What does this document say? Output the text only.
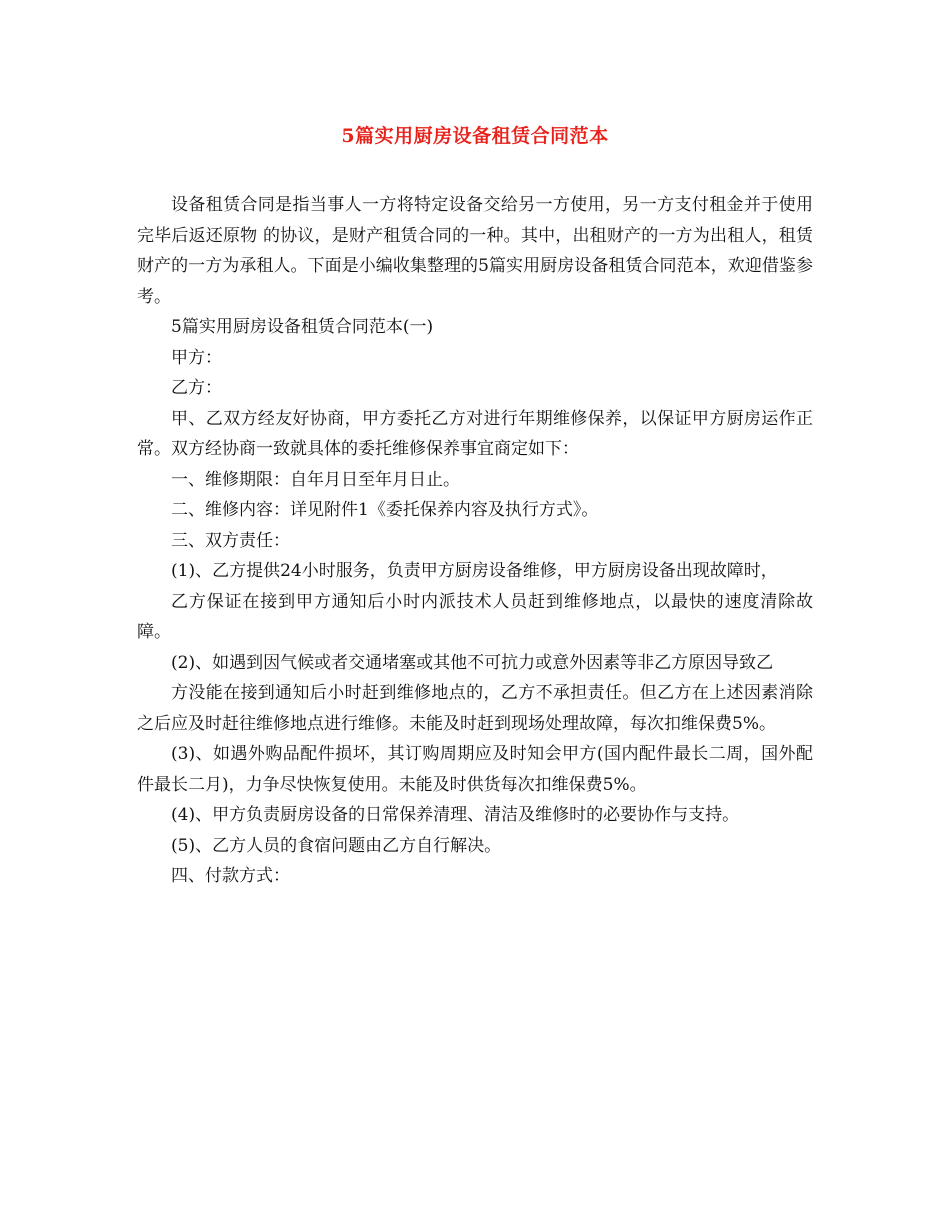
5篇实用厨房设备租赁合同范本

设备租赁合同是指当事人一方将特定设备交给另一方使用，另一方支付租金并于使用完毕后返还原物 的协议，是财产租赁合同的一种。其中，出租财产的一方为出租人，租赁财产的一方为承租人。下面是小编收集整理的5篇实用厨房设备租赁合同范本，欢迎借鉴参考。

5篇实用厨房设备租赁合同范本(一)

甲方：

乙方：

甲、乙双方经友好协商，甲方委托乙方对进行年期维修保养，以保证甲方厨房运作正常。双方经协商一致就具体的委托维修保养事宜商定如下：

一、维修期限：自年月日至年月日止。

二、维修内容：详见附件1《委托保养内容及执行方式》。

三、双方责任：

(1)、乙方提供24小时服务，负责甲方厨房设备维修，甲方厨房设备出现故障时，

乙方保证在接到甲方通知后小时内派技术人员赶到维修地点，以最快的速度清除故障。

(2)、如遇到因气候或者交通堵塞或其他不可抗力或意外因素等非乙方原因导致乙

方没能在接到通知后小时赶到维修地点的，乙方不承担责任。但乙方在上述因素消除之后应及时赶往维修地点进行维修。未能及时赶到现场处理故障，每次扣维保费5%。

(3)、如遇外购品配件损坏，其订购周期应及时知会甲方(国内配件最长二周，国外配件最长二月)，力争尽快恢复使用。未能及时供货每次扣维保费5%。

(4)、甲方负责厨房设备的日常保养清理、清洁及维修时的必要协作与支持。

(5)、乙方人员的食宿问题由乙方自行解决。

四、付款方式：
